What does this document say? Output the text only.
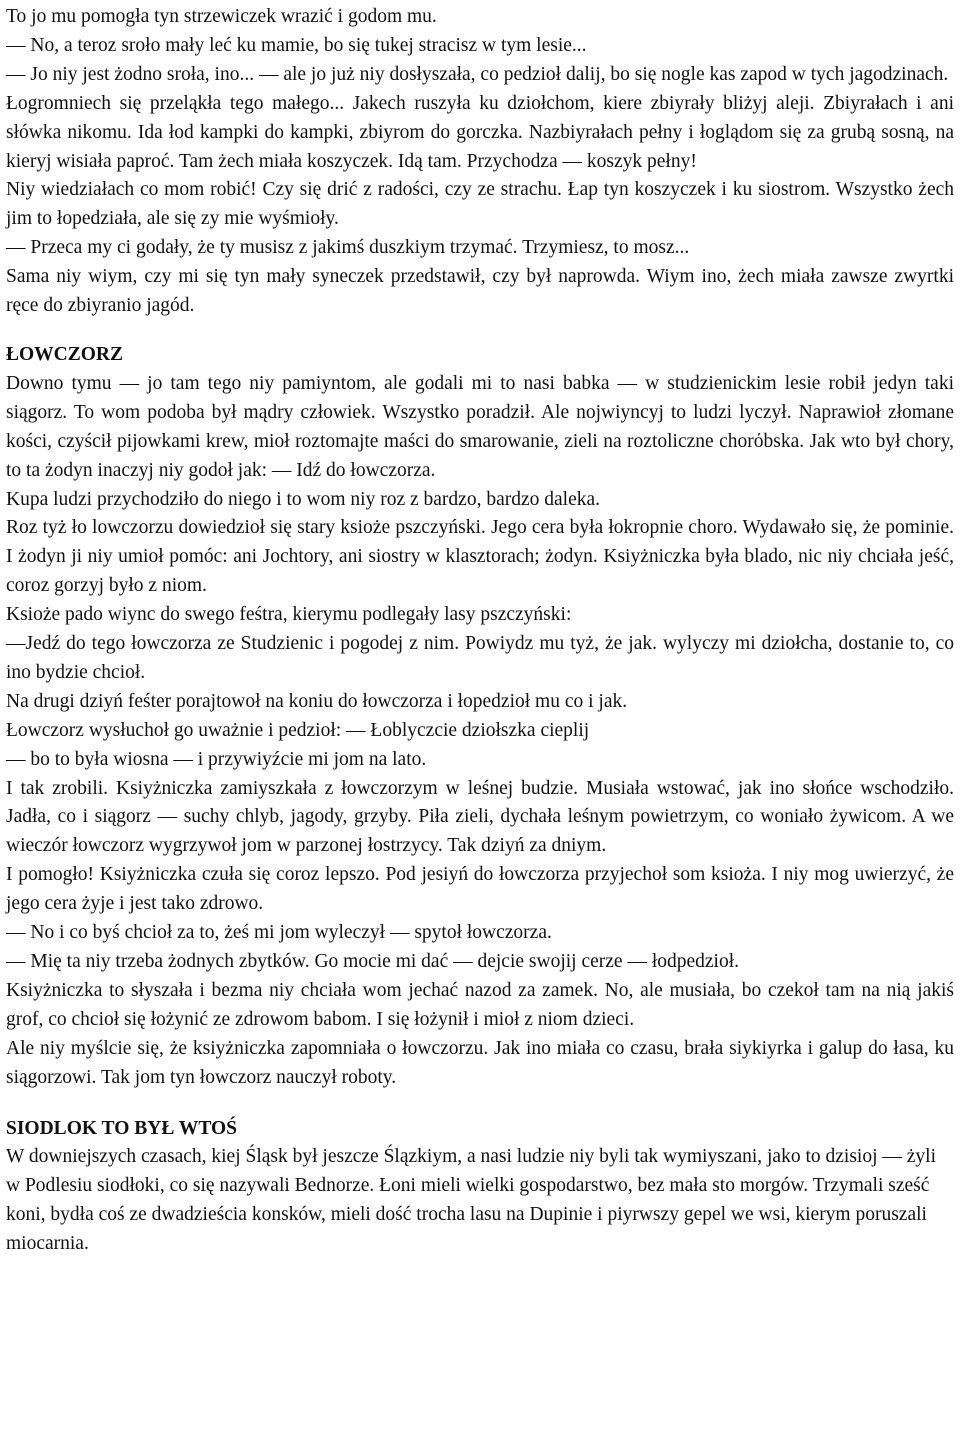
To jo mu pomogła tyn strzewiczek wrazić i godom mu.

— No, a teroz sroło mały leć ku mamie, bo się tukej stracisz w tym lesie...

— Jo niy jest żodno srołа, ino... — ale jo już niy dosłyszała, co pedzioł dalij, bo się nogle kas zapod w tych jagodzinach.

Łogromniech się przeląkła tego małego... Jakech ruszyła ku dziołchom, kiere zbiyrały bliżyj aleji. Zbiyrałach i ani słówka nikomu. Ida łod kampki do kampki, zbiyrom do gorczka. Nazbiyrałach pełny i łoglądom się za grubą sosną, na kieryj wisiała paproć. Tam żech miała koszyczek. Idą tam. Przychodza — koszyk pełny!

Niy wiedziałach co mom robić! Czy się drić z radości, czy ze strachu. Łap tyn koszyczek i ku siostrom. Wszystko żech jim to łopedziała, ale się zy mie wyśmioły.

— Przeca my ci godały, że ty musisz z jakimś duszkiym trzymać. Trzymiesz, to mosz...

Sama niy wiym, czy mi się tyn mały syneczek przedstawił, czy był naprowda. Wiym ino, żech miała zawsze zwyrtki ręce do zbiyranio jagód.

ŁOWCZORZ

Downo tymu — jo tam tego niy pamiyntom, ale godali mi to nasi babka — w studzienickim lesie robił jedyn taki siągorz. To wom podoba był mądry człowiek. Wszystko poradził. Ale nojwiyncyj to ludzi lyczył. Naprawioł złomane kości, czyścił pijowkami krew, mioł roztomajte maści do smarowanie, zieli na roztoliczne chorόbska. Jak wto był chory, to ta żodyn inaczyj niy godoł jak: — Idź do łowczorza.

Kupa ludzi przychodziło do niego i to wom niy roz z bardzo, bardzo daleka.

Roz tyż ło lowczorzu dowiedzioł się stary ksioże pszczyński. Jego cera była łokropnie choro. Wydawało się, że pominie. I żodyn ji niy umioł pomóc: ani Jochtory, ani siostry w klasztorach; żodyn. Ksiyżniczka była blado, nic niy chciała jeść, coroz gorzyj było z niom.

Ksioże pado wiync do swego feśtra, kierymu podlegały lasy pszczyński:

—Jedź do tego łowczorza ze Studzienic i pogodej z nim. Powiydz mu tyż, że jak. wylyczy mi dziołcha, dostanie to, co ino bydzie chcioł.

Na drugi dziyń feśter porajtowoł na koniu do łowczorza i łopedzioł mu co i jak.

Łowczorz wysłuchoł go uważnie i pedzioł: — Łoblyczcie dziołszka cieplij

— bo to była wiosna — i przywiyźcie mi jom na lato.

I tak zrobili. Ksiyżniczka zamiyszkała z łowczorzym w leśnej budzie. Musiała wstować, jak ino słońce wschodziło. Jadła, co i siągorz — suchy chlyb, jagody, grzyby. Piła zieli, dychała leśnym powietrzym, co woniało żywicom. A we wieczór łowczorz wygrzywoł jom w parzonej łostrzycy. Tak dziyń za dniym.

I pomogło! Ksiyżniczka czuła się coroz lepszo. Pod jesiyń do łowczorza przyjechoł som ksioża. I niy mog uwierzyć, że jego cera żyje i jest tako zdrowo.

— No i co byś chcioł za to, żeś mi jom wyleczył — spytoł łowczorza.

— Mię ta niy trzeba żodnych zbytków. Go mocie mi dać — dejcie swojij cerze — łodpedzioł.

Ksiyżniczka to słyszała i bezma niy chciała wom jechać nazod za zamek. No, ale musiała, bo czekoł tam na nią jakiś grof, co chcioł się łożynić ze zdrowom babom. I się łożynił i mioł z niom dzieci.

Ale niy myślcie się, że ksiyżniczka zapomniała o łowczorzu. Jak ino miała co czasu, brała siykiyrka i galup do łasa, ku siągorzowi. Tak jom tyn łowczorz nauczył roboty.

SIODLOK TO BYŁ WTOŚ

W downiejszych czasach, kiej Śląsk był jeszcze Ślązkiym, a nasi ludzie niy byli tak wymiyszani, jako to dzisioj — żyli w Podlesiu siodłoki, co się nazywali Bednorze. Łoni mieli wielki gospodarstwo, bez mała sto morgów. Trzymali sześć koni, bydła coś ze dwadzieścia konsków, mieli dość trocha lasu na Dupinie i piyrwszy gepel we wsi, kierym poruszali miocarnia.
